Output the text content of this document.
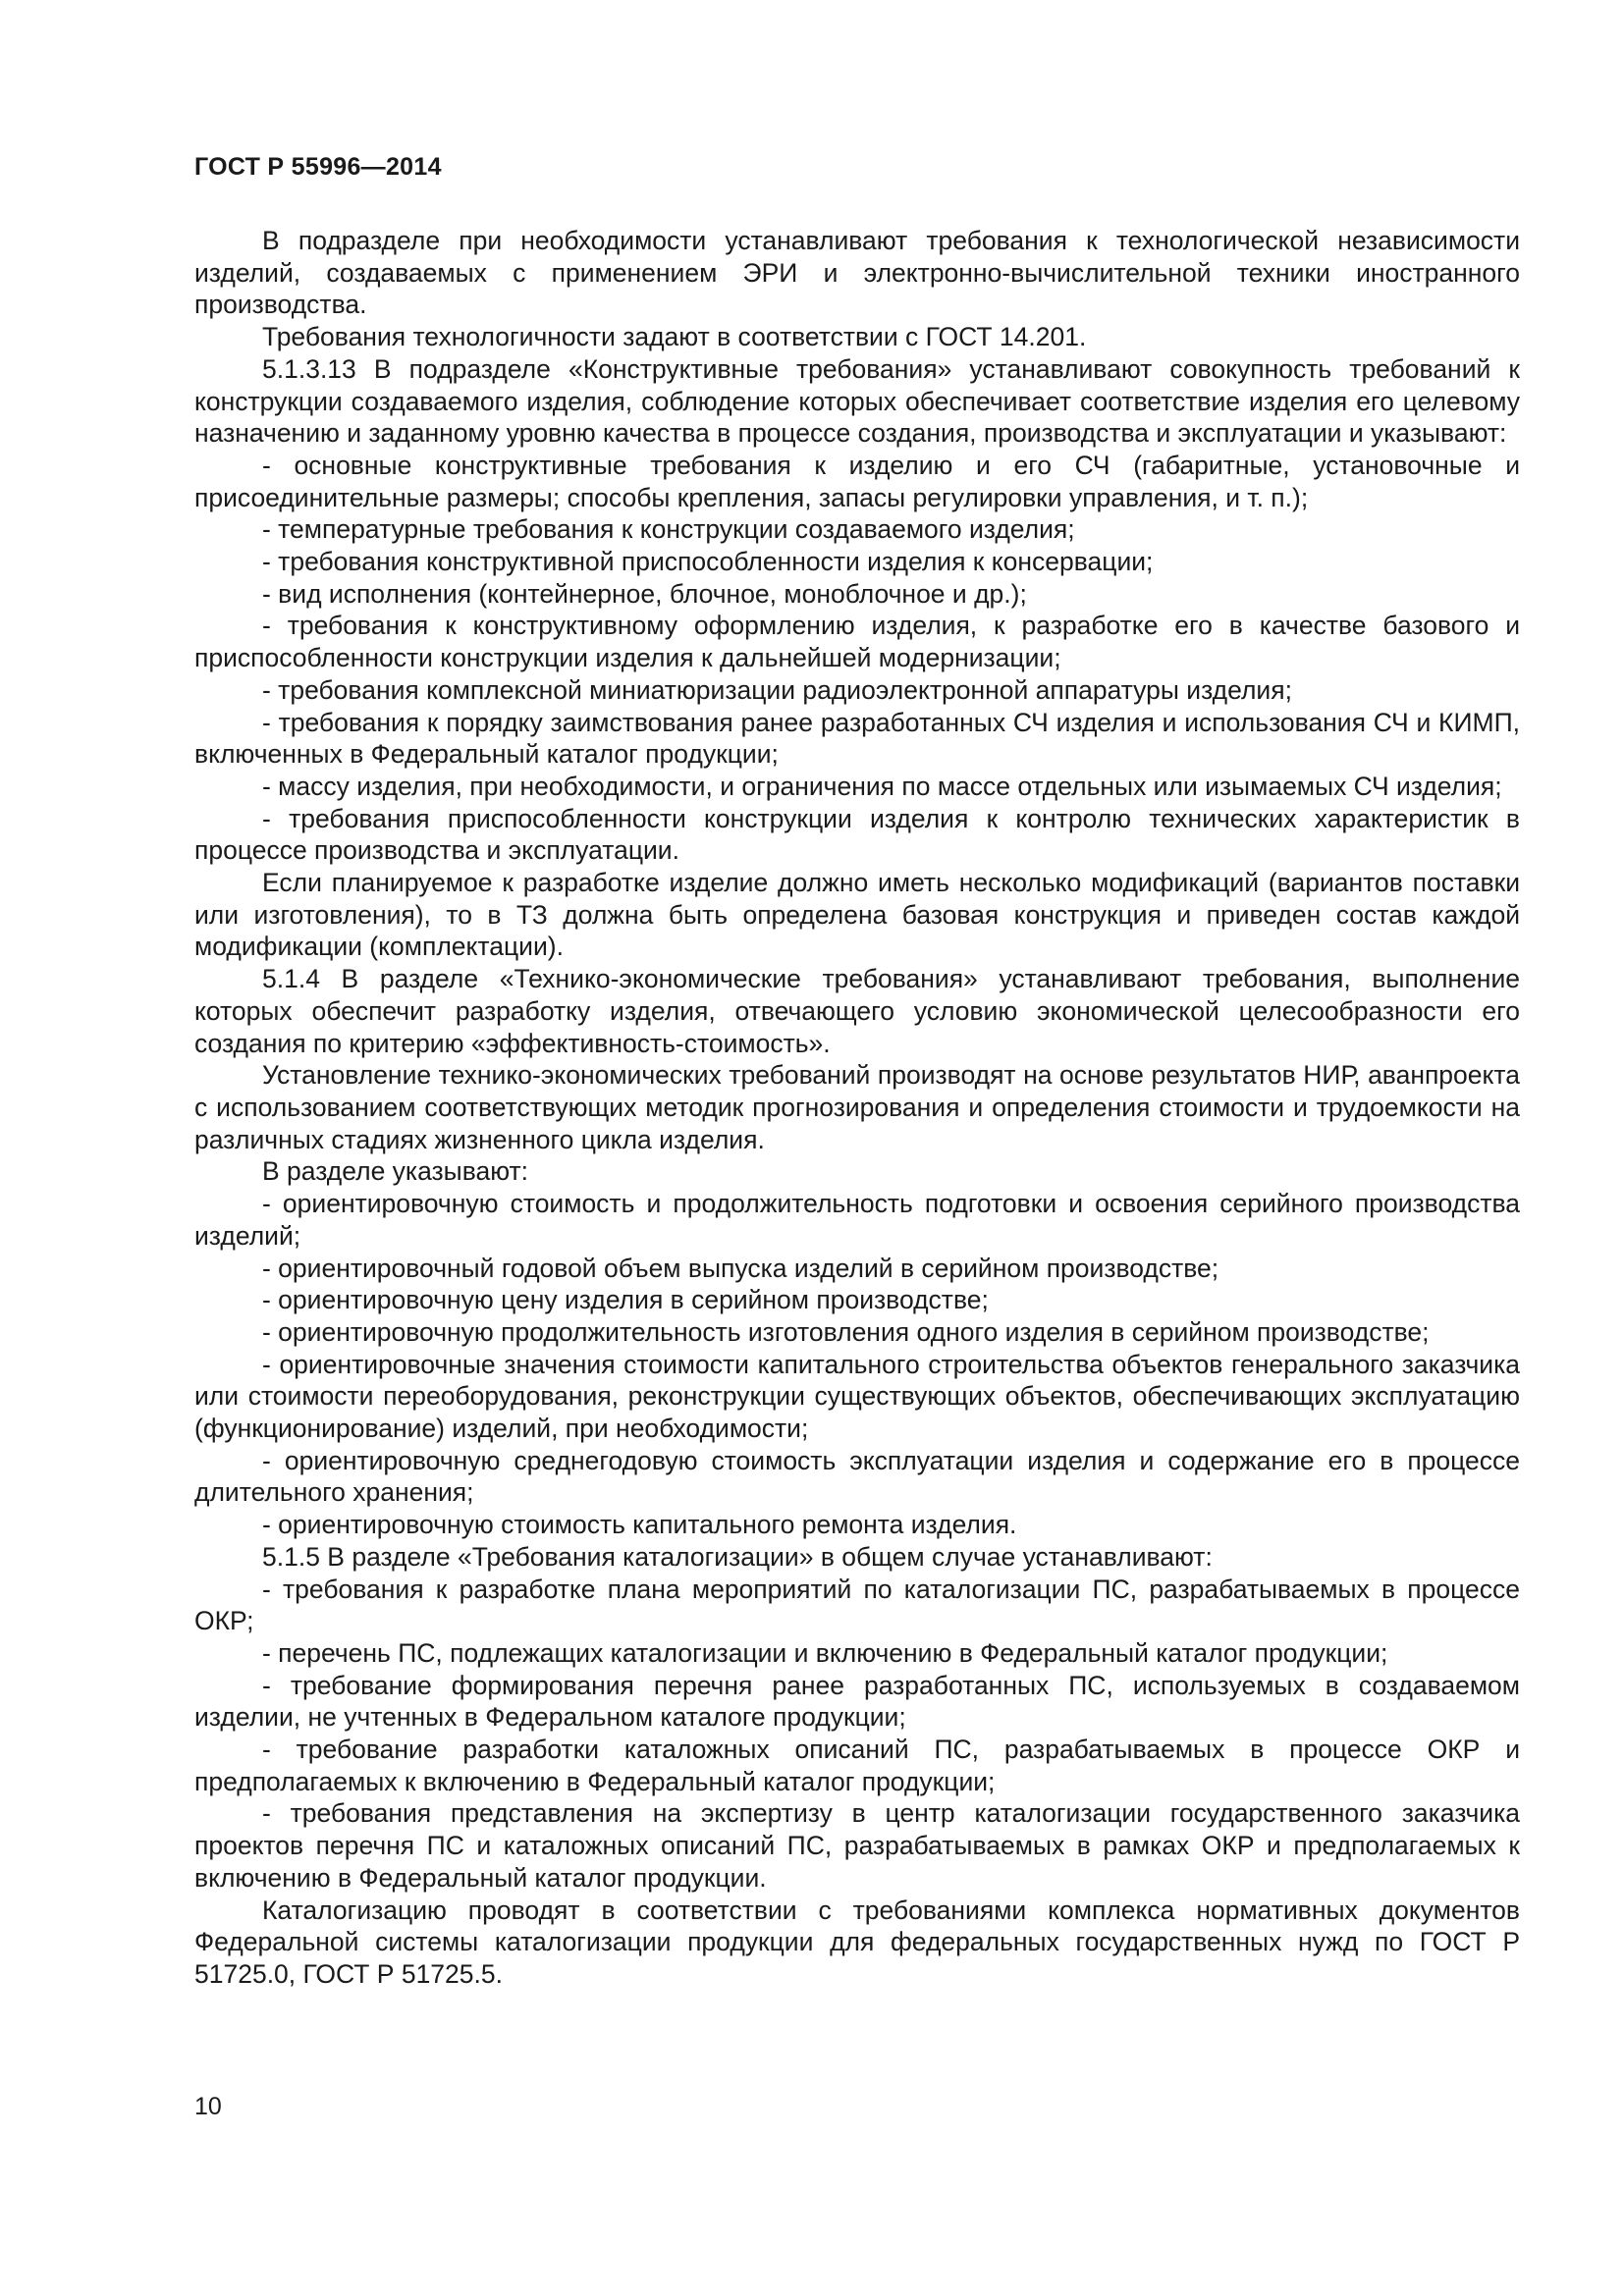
ГОСТ Р 55996—2014

В подразделе при необходимости устанавливают требования к технологической независимости изделий, создаваемых с применением ЭРИ и электронно-вычислительной техники иностранного производства.

Требования технологичности задают в соответствии с ГОСТ 14.201.

5.1.3.13 В подразделе «Конструктивные требования» устанавливают совокупность требований к конструкции создаваемого изделия, соблюдение которых обеспечивает соответствие изделия его целевому назначению и заданному уровню качества в процессе создания, производства и эксплуатации и указывают:

- основные конструктивные требования к изделию и его СЧ (габаритные, установочные и присоединительные размеры; способы крепления, запасы регулировки управления, и т. п.);

- температурные требования к конструкции создаваемого изделия;

- требования конструктивной приспособленности изделия к консервации;

- вид исполнения (контейнерное, блочное, моноблочное и др.);

- требования к конструктивному оформлению изделия, к разработке его в качестве базового и приспособленности конструкции изделия к дальнейшей модернизации;

- требования комплексной миниатюризации радиоэлектронной аппаратуры изделия;

- требования к порядку заимствования ранее разработанных СЧ изделия и использования СЧ и КИМП, включенных в Федеральный каталог продукции;

- массу изделия, при необходимости, и ограничения по массе отдельных или изымаемых СЧ изделия;

- требования приспособленности конструкции изделия к контролю технических характеристик в процессе производства и эксплуатации.

Если планируемое к разработке изделие должно иметь несколько модификаций (вариантов поставки или изготовления), то в ТЗ должна быть определена базовая конструкция и приведен состав каждой модификации (комплектации).

5.1.4 В разделе «Технико-экономические требования» устанавливают требования, выполнение которых обеспечит разработку изделия, отвечающего условию экономической целесообразности его создания по критерию «эффективность-стоимость».

Установление технико-экономических требований производят на основе результатов НИР, аванпроекта с использованием соответствующих методик прогнозирования и определения стоимости и трудоемкости на различных стадиях жизненного цикла изделия.

В разделе указывают:

- ориентировочную стоимость и продолжительность подготовки и освоения серийного производства изделий;

- ориентировочный годовой объем выпуска изделий в серийном производстве;

- ориентировочную цену изделия в серийном производстве;

- ориентировочную продолжительность изготовления одного изделия в серийном производстве;

- ориентировочные значения стоимости капитального строительства объектов генерального заказчика или стоимости переоборудования, реконструкции существующих объектов, обеспечивающих эксплуатацию (функционирование) изделий, при необходимости;

- ориентировочную среднегодовую стоимость эксплуатации изделия и содержание его в процессе длительного хранения;

- ориентировочную стоимость капитального ремонта изделия.

5.1.5 В разделе «Требования каталогизации» в общем случае устанавливают:

- требования к разработке плана мероприятий по каталогизации ПС, разрабатываемых в процессе ОКР;

- перечень ПС, подлежащих каталогизации и включению в Федеральный каталог продукции;

- требование формирования перечня ранее разработанных ПС, используемых в создаваемом изделии, не учтенных в Федеральном каталоге продукции;

- требование разработки каталожных описаний ПС, разрабатываемых в процессе ОКР и предполагаемых к включению в Федеральный каталог продукции;

- требования представления на экспертизу в центр каталогизации государственного заказчика проектов перечня ПС и каталожных описаний ПС, разрабатываемых в рамках ОКР и предполагаемых к включению в Федеральный каталог продукции.

Каталогизацию проводят в соответствии с требованиями комплекса нормативных документов Федеральной системы каталогизации продукции для федеральных государственных нужд по ГОСТ Р 51725.0, ГОСТ Р 51725.5.

10
